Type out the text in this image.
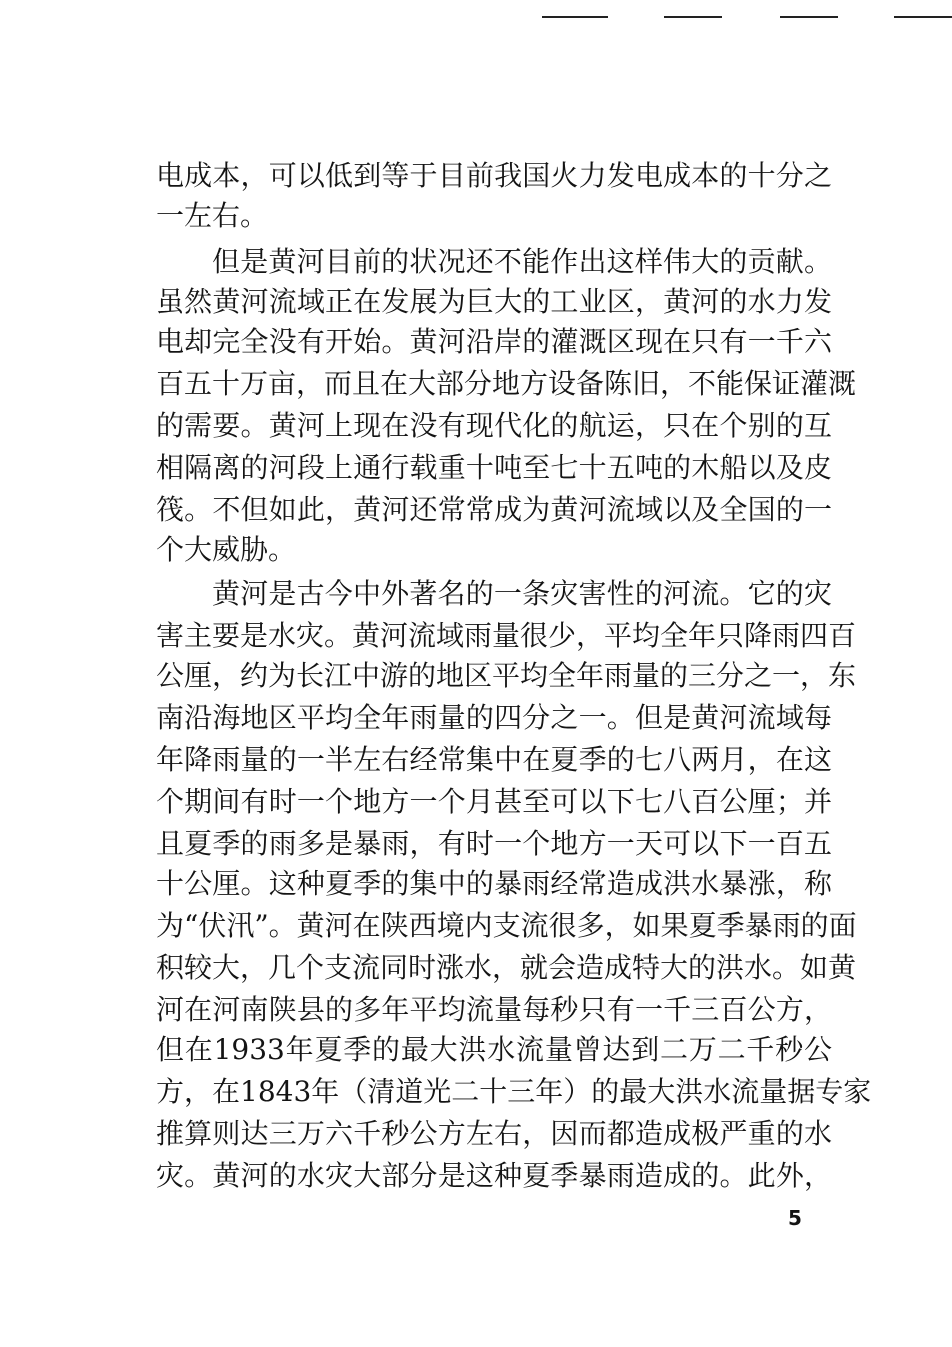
电成本，可以低到等于目前我国火力发电成本的十分之
一左右。
但是黄河目前的状况还不能作出这样伟大的贡献。
虽然黄河流域正在发展为巨大的工业区，黄河的水力发
电却完全没有开始。黄河沿岸的灌溉区现在只有一千六
百五十万亩，而且在大部分地方设备陈旧，不能保证灌溉
的需要。黄河上现在没有现代化的航运，只在个别的互
相隔离的河段上通行载重十吨至七十五吨的木船以及皮
筏。不但如此，黄河还常常成为黄河流域以及全国的一
个大威胁。
黄河是古今中外著名的一条灾害性的河流。它的灾
害主要是水灾。黄河流域雨量很少，平均全年只降雨四百
公厘，约为长江中游的地区平均全年雨量的三分之一，东
南沿海地区平均全年雨量的四分之一。但是黄河流域每
年降雨量的一半左右经常集中在夏季的七八两月，在这
个期间有时一个地方一个月甚至可以下七八百公厘；并
且夏季的雨多是暴雨，有时一个地方一天可以下一百五
十公厘。这种夏季的集中的暴雨经常造成洪水暴涨，称
为“伏汛”。黄河在陕西境内支流很多，如果夏季暴雨的面
积较大，几个支流同时涨水，就会造成特大的洪水。如黄
河在河南陕县的多年平均流量每秒只有一千三百公方，
但在1933年夏季的最大洪水流量曾达到二万二千秒公
方，在1843年（清道光二十三年）的最大洪水流量据专家
推算则达三万六千秒公方左右，因而都造成极严重的水
灾。黄河的水灾大部分是这种夏季暴雨造成的。此外，
5
